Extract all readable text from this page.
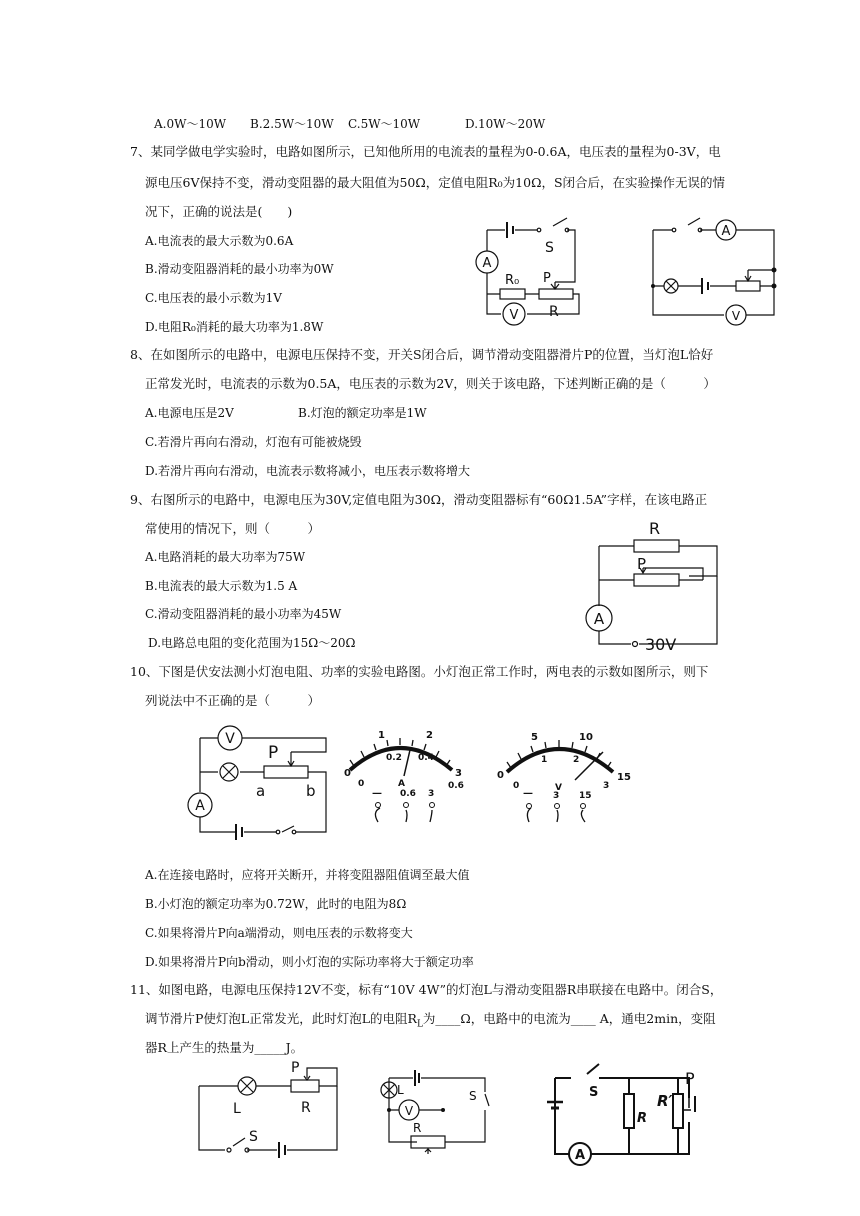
A.0W～10W B.2.5W～10W C.5W～10W	D.10W～20W
7、某同学做电学实验时，电路如图所示，已知他所用的电流表的量程为0-0.6A，电压表的量程为0-3V，电
源电压6V保持不变，滑动变阻器的最大阻值为50Ω，定值电阻R₀为10Ω，S闭合后，在实验操作无误的情
况下，正确的说法是(　　)
A.电流表的最大示数为0.6A
B.滑动变阻器消耗的最小功率为0W
C.电压表的最小示数为1V
D.电阻R₀消耗的最大功率为1.8W
A
S
R₀ P
R
V
A
V
8、在如图所示的电路中，电源电压保持不变，开关S闭合后，调节滑动变阻器滑片P的位置，当灯泡L恰好
正常发光时，电流表的示数为0.5A，电压表的示数为2V，则关于该电路，下述判断正确的是（　　　）
A.电源电压是2V	B.灯泡的额定功率是1W
C.若滑片再向右滑动，灯泡有可能被烧毁
D.若滑片再向右滑动，电流表示数将减小，电压表示数将增大
9、右图所示的电路中，电源电压为30V,定值电阻为30Ω，滑动变阻器标有“60Ω1.5A”字样，在该电路正
常使用的情况下，则（　　　）
A.电路消耗的最大功率为75W
B.电流表的最大示数为1.5 A
C.滑动变阻器消耗的最小功率为45W
D.电路总电阻的变化范围为15Ω～20Ω
R
P
A
30V
10、下图是伏安法测小灯泡电阻、功率的实验电路图。小灯泡正常工作时，两电表的示数如图所示，则下
列说法中不正确的是（　　　）
V
A
P
a	b
0
1	2
3
0
0.2 0.4
0.6
A
— 0.6 3
0
5	10
15
0
1	2
3
V
— 3 15
A.在连接电路时，应将开关断开，并将变阻器阻值调至最大值
B.小灯泡的额定功率为0.72W，此时的电阻为8Ω
C.如果将滑片P向a端滑动，则电压表的示数将变大
D.如果将滑片P向b滑动，则小灯泡的实际功率将大于额定功率
11、如图电路，电源电压保持12V不变，标有“10V 4W”的灯泡L与滑动变阻器R串联接在电路中。闭合S，
调节滑片P使灯泡L正常发光，此时灯泡L的电阻$R_L$为____Ω，电路中的电流为____ A，通电2min，变阻
器R上产生的热量为_____J。
P
L	R
S
L
V
S
R
S
R
R′
P
A
